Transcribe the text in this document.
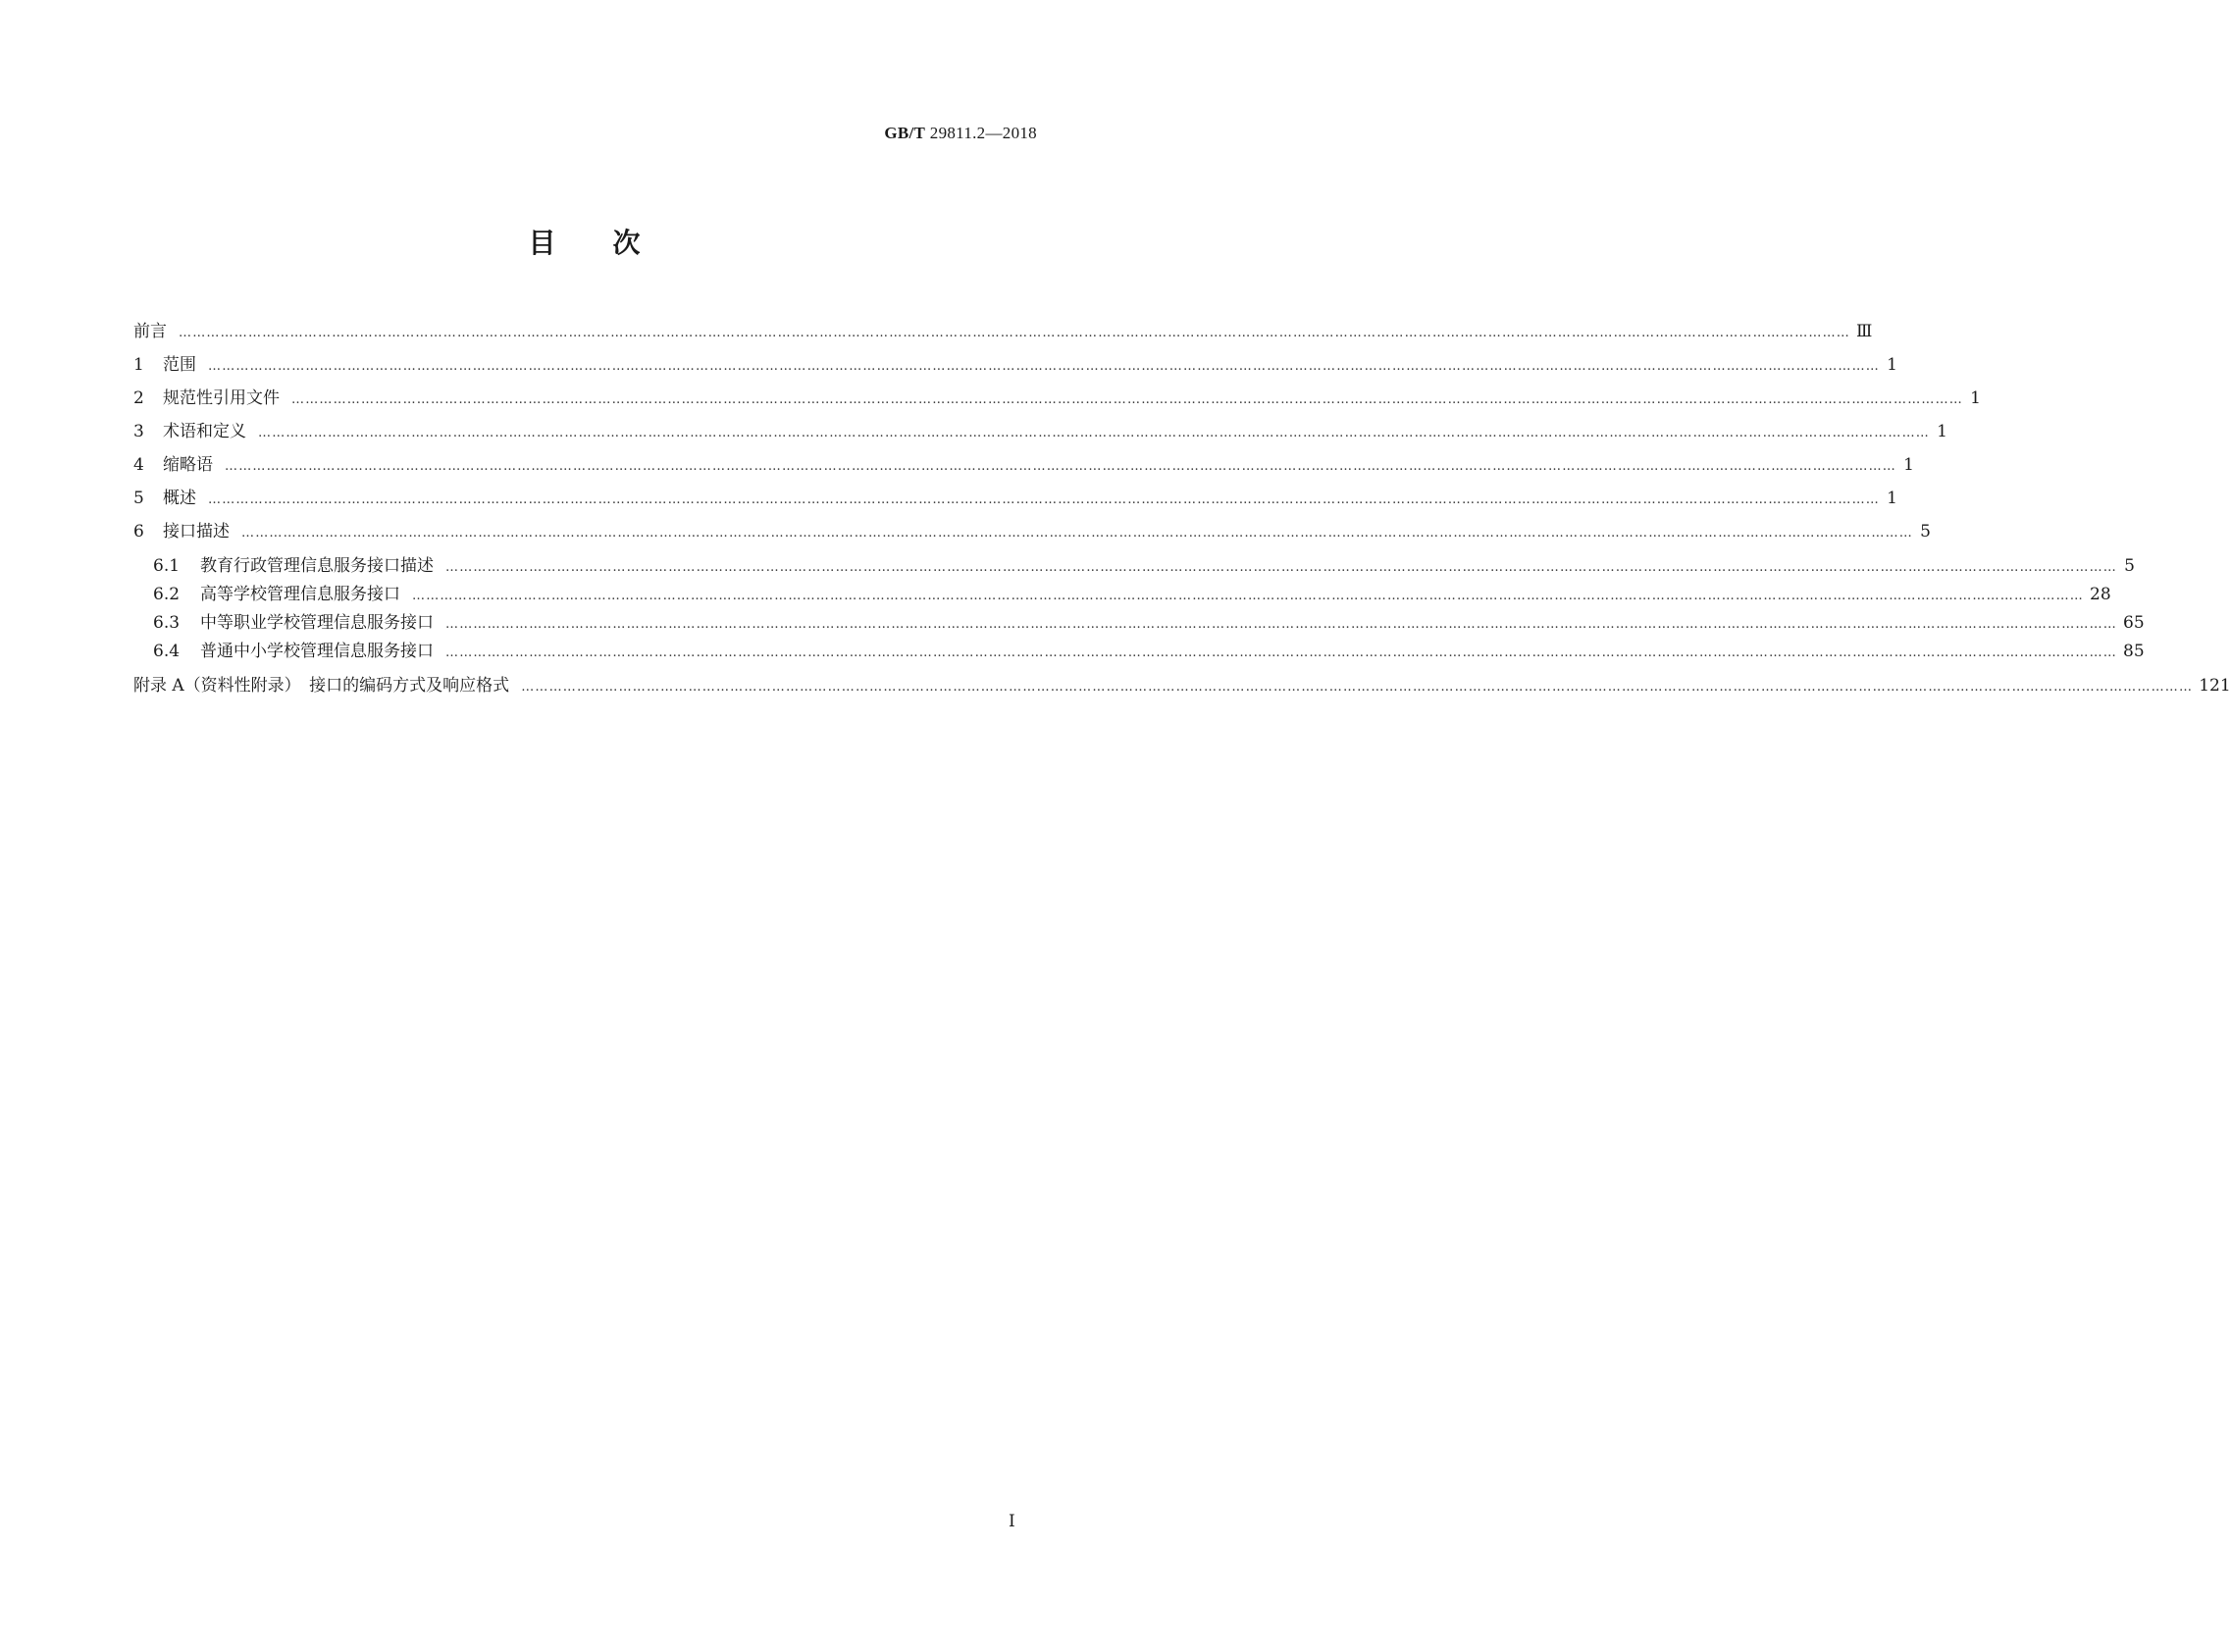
GB/T 29811.2—2018
目次
前言 ……………………………………………………………………………………………………………………………………………………………………………………………………………………………………………………………………………………………………………………………… Ⅲ
1	范围 ……………………………………………………………………………………………………………………………………………………………………………………………………………………………………………………………………………………………………………………………… 1
2	规范性引用文件 ……………………………………………………………………………………………………………………………………………………………………………………………………………………………………………………………………………………………………………………………… 1
3	术语和定义 ……………………………………………………………………………………………………………………………………………………………………………………………………………………………………………………………………………………………………………………………… 1
4	缩略语 ……………………………………………………………………………………………………………………………………………………………………………………………………………………………………………………………………………………………………………………………… 1
5	概述 ……………………………………………………………………………………………………………………………………………………………………………………………………………………………………………………………………………………………………………………………… 1
6	接口描述 ……………………………………………………………………………………………………………………………………………………………………………………………………………………………………………………………………………………………………………………………… 5
6.1	教育行政管理信息服务接口描述 ……………………………………………………………………………………………………………………………………………………………………………………………………………………………………………………………………………………………………………………………… 5
6.2	高等学校管理信息服务接口 ……………………………………………………………………………………………………………………………………………………………………………………………………………………………………………………………………………………………………………………………… 28
6.3	中等职业学校管理信息服务接口 ……………………………………………………………………………………………………………………………………………………………………………………………………………………………………………………………………………………………………………………………… 65
6.4	普通中小学校管理信息服务接口 ……………………………………………………………………………………………………………………………………………………………………………………………………………………………………………………………………………………………………………………………… 85
附录 A（资料性附录）　接口的编码方式及响应格式 ……………………………………………………………………………………………………………………………………………………………………………………………………………………………………………………………………………………………………………………………… 121
I
